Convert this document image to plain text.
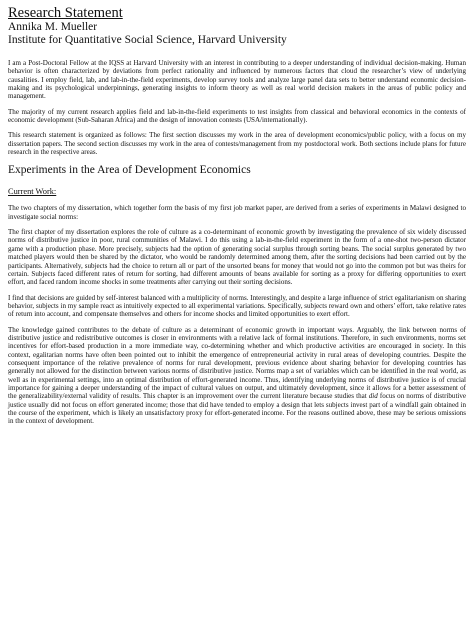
Research Statement

Annika M. Mueller

Institute for Quantitative Social Science, Harvard University

I am a Post-Doctoral Fellow at the IQSS at Harvard University with an interest in contributing to a deeper understanding of individual decision-making. Human behavior is often characterized by deviations from perfect rationality and influenced by numerous factors that cloud the researcher’s view of underlying causalities. I employ field, lab, and lab-in-the-field experiments, develop survey tools and analyze large panel data sets to better understand economic decision-making and its psychological underpinnings, generating insights to inform theory as well as real world decision makers in the areas of public policy and management.

The majority of my current research applies field and lab-in-the-field experiments to test insights from classical and behavioral economics in the contexts of economic development (Sub-Saharan Africa) and the design of innovation contests (USA/internationally).

This research statement is organized as follows: The first section discusses my work in the area of development economics/public policy, with a focus on my dissertation papers. The second section discusses my work in the area of contests/management from my postdoctoral work. Both sections include plans for future research in the respective areas.

Experiments in the Area of Development Economics

Current Work:

The two chapters of my dissertation, which together form the basis of my first job market paper, are derived from a series of experiments in Malawi designed to investigate social norms:

The first chapter of my dissertation explores the role of culture as a co-determinant of economic growth by investigating the prevalence of six widely discussed norms of distributive justice in poor, rural communities of Malawi. I do this using a lab-in-the-field experiment in the form of a one-shot two-person dictator game with a production phase. More precisely, subjects had the option of generating social surplus through sorting beans. The social surplus generated by two matched players would then be shared by the dictator, who would be randomly determined among them, after the sorting decisions had been carried out by the participants. Alternatively, subjects had the choice to return all or part of the unsorted beans for money that would not go into the common pot but was theirs for certain. Subjects faced different rates of return for sorting, had different amounts of beans available for sorting as a proxy for differing opportunities to exert effort, and faced random income shocks in some treatments after carrying out their sorting decisions.

I find that decisions are guided by self-interest balanced with a multiplicity of norms. Interestingly, and despite a large influence of strict egalitarianism on sharing behavior, subjects in my sample react as intuitively expected to all experimental variations. Specifically, subjects reward own and others’ effort, take relative rates of return into account, and compensate themselves and others for income shocks and limited opportunities to exert effort.

The knowledge gained contributes to the debate of culture as a determinant of economic growth in important ways. Arguably, the link between norms of distributive justice and redistributive outcomes is closer in environments with a relative lack of formal institutions. Therefore, in such environments, norms set incentives for effort-based production in a more immediate way, co-determining whether and which productive activities are encouraged in society. In this context, egalitarian norms have often been pointed out to inhibit the emergence of entrepreneurial activity in rural areas of developing countries. Despite the consequent importance of the relative prevalence of norms for rural development, previous evidence about sharing behavior for developing countries has generally not allowed for the distinction between various norms of distributive justice. Norms map a set of variables which can be identified in the real world, as well as in experimental settings, into an optimal distribution of effort-generated income. Thus, identifying underlying norms of distributive justice is of crucial importance for gaining a deeper understanding of the impact of cultural values on output, and ultimately development, since it allows for a better assessment of the generalizability/external validity of results. This chapter is an improvement over the current literature because studies that did focus on norms of distributive justice usually did not focus on effort generated income; those that did have tended to employ a design that lets subjects invest part of a windfall gain obtained in the course of the experiment, which is likely an unsatisfactory proxy for effort-generated income. For the reasons outlined above, these may be serious omissions in the context of development.
